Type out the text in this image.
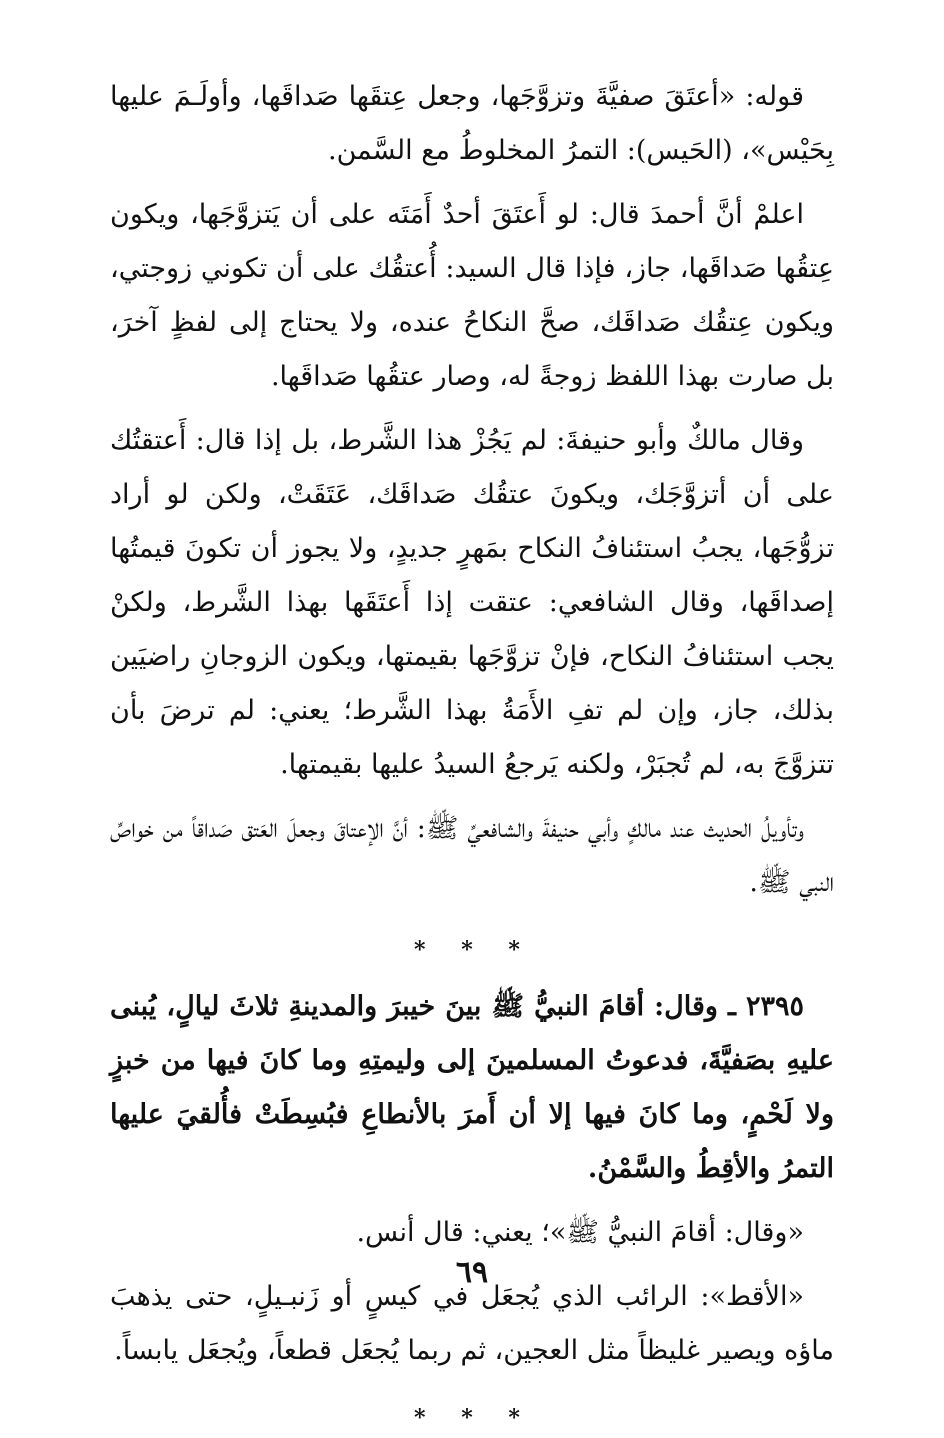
قوله: «أعتَقَ صفيَّةَ وتزوَّجَها، وجعل عِتقَها صَداقَها، وأولَـمَ عليها بِحَيْس»، (الحَيس): التمرُ المخلوطُ مع السَّمن.

اعلمْ أنَّ أحمدَ قال: لو أَعتَقَ أحدٌ أَمَتَه على أن يَتزوَّجَها، ويكون عِتقُها صَداقَها، جاز، فإذا قال السيد: أُعتقُك على أن تكوني زوجتي، ويكون عِتقُك صَداقَك، صحَّ النكاحُ عنده، ولا يحتاج إلى لفظٍ آخرَ، بل صارت بهذا اللفظ زوجةً له، وصار عتقُها صَداقَها.

وقال مالكٌ وأبو حنيفةَ: لم يَجُزْ هذا الشَّرط، بل إذا قال: أَعتقتُك على أن أتزوَّجَك، ويكونَ عتقُك صَداقَك، عَتَقَتْ، ولكن لو أراد تزوُّجَها، يجبُ استئنافُ النكاح بمَهرٍ جديدٍ، ولا يجوز أن تكونَ قيمتُها إصداقَها، وقال الشافعي: عتقت إذا أَعتَقَها بهذا الشَّرط، ولكنْ يجب استئنافُ النكاح، فإنْ تزوَّجَها بقيمتها، ويكون الزوجانِ راضيَين بذلك، جاز، وإن لم تفِ الأَمَةُ بهذا الشَّرط؛ يعني: لم ترضَ بأن تتزوَّجَ به، لم تُجبَرْ، ولكنه يَرجعُ السيدُ عليها بقيمتها.

وتأويلُ الحديث عند مالكٍ وأبي حنيفةَ والشافعيِّ ﷺ: أنَّ الإعتاقَ وجعلَ العَتق صَداقاً من خواصِّ النبي ﷺ.

* * *

٢٣٩٥ ـ وقال: أقامَ النبيُّ ﷺ بينَ خيبرَ والمدينةِ ثلاثَ ليالٍ، يُبنى عليهِ بصَفيَّةَ، فدعوتُ المسلمينَ إلى وليمتِهِ وما كانَ فيها من خبزٍ ولا لَحْمٍ، وما كانَ فيها إلا أن أَمرَ بالأنطاعِ فبُسِطَتْ فأُلقيَ عليها التمرُ والأقِطُ والسَّمْنُ.

«وقال: أقامَ النبيُّ ﷺ»؛ يعني: قال أنس.

«الأقط»: الرائب الذي يُجعَل في كيسٍ أو زَنبـيلٍ، حتى يذهبَ ماؤه ويصير غليظاً مثل العجين، ثم ربما يُجعَل قطعاً، ويُجعَل يابساً.

* * *
٦٩
